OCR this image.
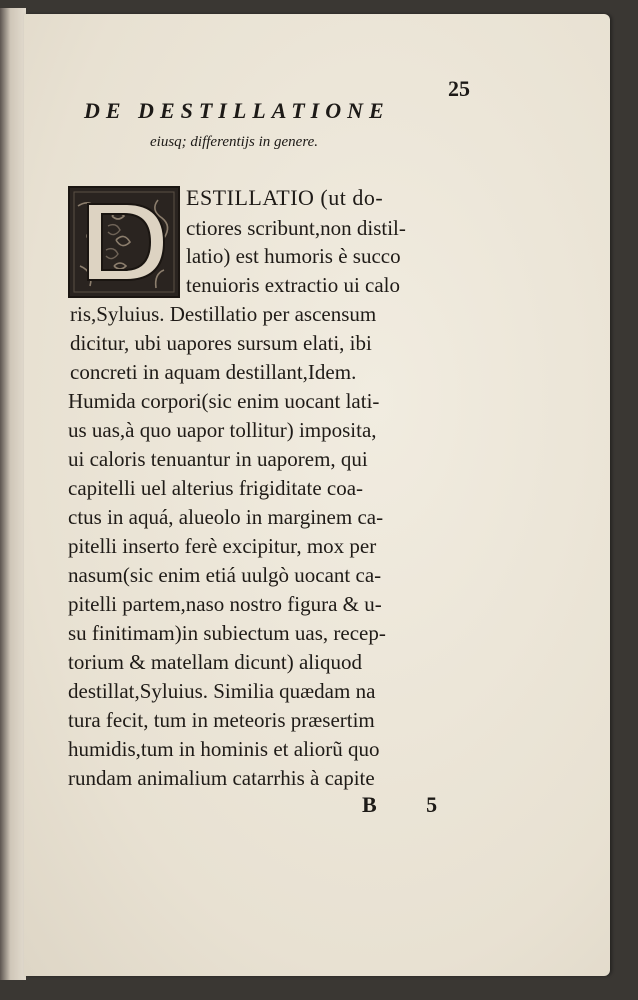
25
DE DESTILLATIONE
eiusq; differentijs in genere.
ESTILLATIO (ut do-
ctiores scribunt,non distil-
latio) est humoris è succo
tenuioris extractio ui calo
ris,Syluius. Destillatio per ascensum
dicitur, ubi uapores sursum elati, ibi
concreti in aquam destillant,Idem.
Humida corpori(sic enim uocant lati-
us uas,à quo uapor tollitur) imposita,
ui caloris tenuantur in uaporem, qui
capitelli uel alterius frigiditate coa-
ctus in aquá, alueolo in marginem ca-
pitelli inserto ferè excipitur, mox per
nasum(sic enim etiá uulgò uocant ca-
pitelli partem,naso nostro figura & u-
su finitimam)in subiectum uas, recep-
torium & matellam dicunt) aliquod
destillat,Syluius. Similia quædam na
tura fecit, tum in meteoris præsertim
humidis,tum in hominis et aliorũ quo
rundam animalium catarrhis à capite
B 5
